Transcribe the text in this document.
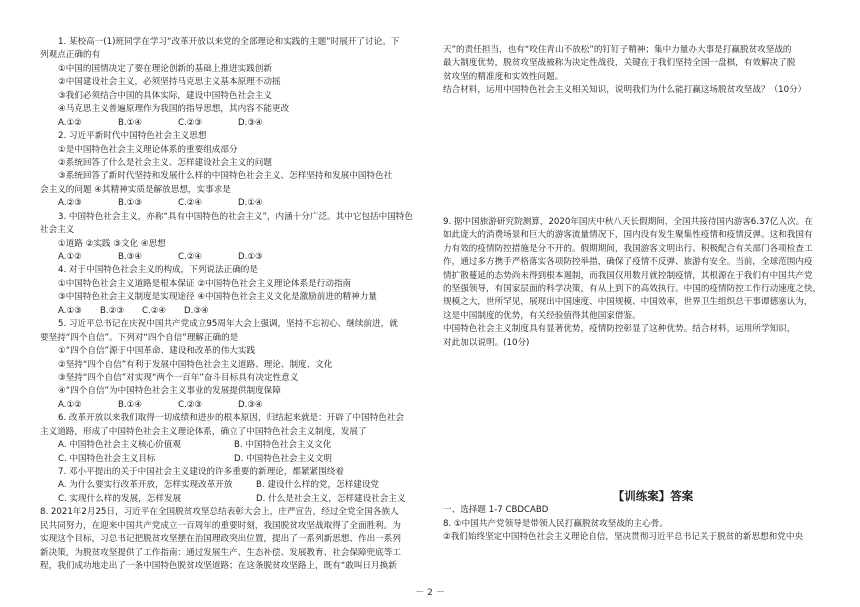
1. 某校高一(1)班同学在学习“改革开放以来党的全部理论和实践的主题”时展开了讨论。下
列观点正确的有
①中国的国情决定了要在理论创新的基础上推进实践创新
②中国建设社会主义，必须坚持马克思主义基本原理不动摇
③我们必须结合中国的具体实际，建设中国特色社会主义
④马克思主义普遍原理作为我国的指导思想，其内容不能更改
A.①②	B.①④	C.②③	D.③④
2. 习近平新时代中国特色社会主义思想
①是中国特色社会主义理论体系的重要组成部分
②系统回答了什么是社会主义、怎样建设社会主义的问题
③系统回答了新时代坚持和发展什么样的中国特色社会主义、怎样坚持和发展中国特色社
会主义的问题 ④其精神实质是解放思想，实事求是
A.②③	B.①③	C.②④	D.①④
3. 中国特色社会主义，亦称“具有中国特色的社会主义”，内涵十分广泛。其中它包括中国特色
社会主义
①道路 ②实践 ③文化 ④思想
A.①②	B.③④	C.②④	D.①③
4. 对于中国特色社会主义的构成，下列说法正确的是
①中国特色社会主义道路是根本保证 ②中国特色社会主义理论体系是行动指南
③中国特色社会主义制度是实现途径 ④中国特色社会主义文化是激励前进的精神力量
A.①③	B.②③	C.②④	D.③④
5. 习近平总书记在庆祝中国共产党成立95周年大会上强调，坚持不忘初心、继续前进，就
要坚持“四个自信”。下列对“四个自信”理解正确的是
①“四个自信”源于中国革命、建设和改革的伟大实践
②坚持“四个自信”有利于发展中国特色社会主义道路、理论、制度、文化
③坚持“四个自信”对实现“两个一百年”奋斗目标具有决定性意义
④“四个自信”为中国特色社会主义事业的发展提供制度保障
A.①②	B.①④	C.②③	D.③④
6. 改革开放以来我们取得一切成绩和进步的根本原因，归结起来就是：开辟了中国特色社会
主义道路，形成了中国特色社会主义理论体系，确立了中国特色社会主义制度，发展了
A. 中国特色社会主义核心价值观	B. 中国特色社会主义文化
C. 中国特色社会主义目标	D. 中国特色社会主义文明
7. 邓小平提出的关于中国社会主义建设的许多重要的新理论，都紧紧围绕着
A. 为什么要实行改革开放，怎样实现改革开放	B. 建设什么样的党，怎样建设党
C. 实现什么样的发展，怎样发展	D. 什么是社会主义，怎样建设社会主义
8. 2021年2月25日，习近平在全国脱贫攻坚总结表彰大会上，庄严宣告，经过全党全国各族人
民共同努力，在迎来中国共产党成立一百周年的重要时刻，我国脱贫攻坚战取得了全面胜利。为
实现这个目标，习总书记把脱贫攻坚摆在治国理政突出位置，提出了一系列新思想、作出一系列
新决策，为脱贫攻坚提供了工作指南：通过发展生产、生态补偿、发展教育、社会保障兜底等工
程，我们成功地走出了一条中国特色脱贫攻坚道路；在这条脱贫攻坚路上，既有“敢叫日月换新
天”的责任担当，也有“咬住青山不放松”的钉钉子精神；集中力量办大事是打赢脱贫攻坚战的
最大制度优势，脱贫攻坚战被称为决定性战役，关键在于我们坚持全国一盘棋，有效解决了脱
贫攻坚的精准度和实效性问题。
结合材料，运用中国特色社会主义相关知识，说明我们为什么能打赢这场脱贫攻坚战？（10分）
9. 据中国旅游研究院测算，2020年国庆中秋八天长假期间，全国共接待国内游客6.37亿人次。在
如此庞大的消费场景和巨大的游客流量情况下，国内没有发生聚集性疫情和疫情反弹。这和我国有
力有效的疫情防控措施是分不开的。假期期间，我国游客文明出行、积极配合有关部门各项检查工
作，通过多方携手严格落实各项防控举措，确保了疫情不反弹、旅游有安全。当前，全球范围内疫
情扩散蔓延的态势尚未得到根本遏制，而我国仅用数月就控制疫情，其根源在于我们有中国共产党
的坚强领导，有国家层面的科学决策，有从上到下的高效执行。中国的疫情防控工作行动速度之快，
规模之大，世所罕见，展现出中国速度、中国规模、中国效率，世界卫生组织总干事谭德塞认为，
这是中国制度的优势，有关经验值得其他国家借鉴。
中国特色社会主义制度具有显著优势，疫情防控彰显了这种优势。结合材料，运用所学知识，
对此加以说明。(10分)
【训练案】答案
一、选择题 1-7 CBDCABD
8. ①中国共产党领导是带领人民打赢脱贫攻坚战的主心骨。
②我们始终坚定中国特色社会主义理论自信，坚决贯彻习近平总书记关于脱贫的新思想和党中央
－ 2 －
